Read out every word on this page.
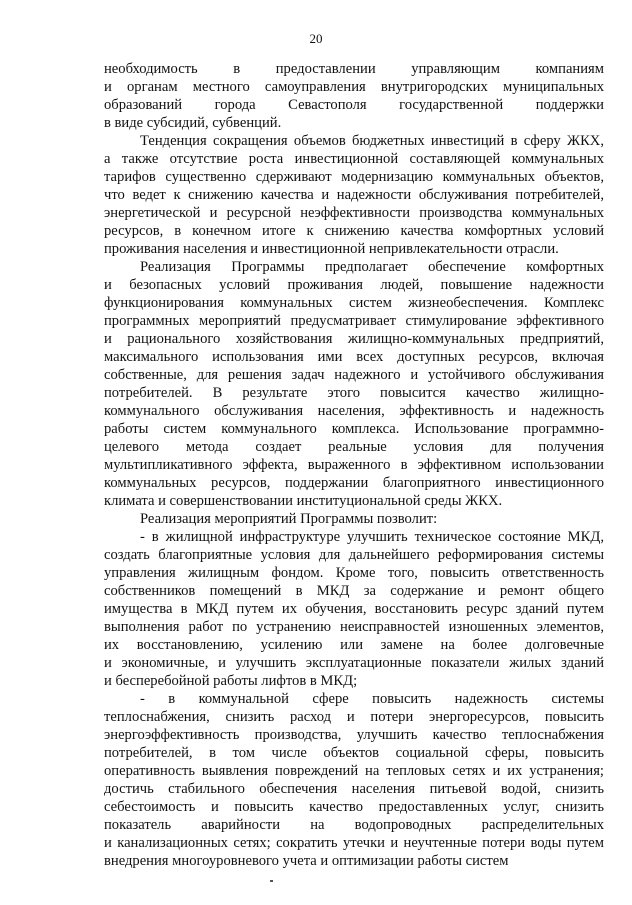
20
необходимость в предоставлении управляющим компаниям
и органам местного самоуправления внутригородских муниципальных
образований города Севастополя государственной поддержки
в виде субсидий, субвенций.
Тенденция сокращения объемов бюджетных инвестиций в сферу ЖКХ,
а также отсутствие роста инвестиционной составляющей коммунальных
тарифов существенно сдерживают модернизацию коммунальных объектов,
что ведет к снижению качества и надежности обслуживания потребителей,
энергетической и ресурсной неэффективности производства коммунальных
ресурсов, в конечном итоге к снижению качества комфортных условий
проживания населения и инвестиционной непривлекательности отрасли.
Реализация Программы предполагает обеспечение комфортных
и безопасных условий проживания людей, повышение надежности
функционирования коммунальных систем жизнеобеспечения. Комплекс
программных мероприятий предусматривает стимулирование эффективного
и рационального хозяйствования жилищно-коммунальных предприятий,
максимального использования ими всех доступных ресурсов, включая
собственные, для решения задач надежного и устойчивого обслуживания
потребителей. В результате этого повысится качество жилищно-
коммунального обслуживания населения, эффективность и надежность
работы систем коммунального комплекса. Использование программно-
целевого метода создает реальные условия для получения
мультипликативного эффекта, выраженного в эффективном использовании
коммунальных ресурсов, поддержании благоприятного инвестиционного
климата и совершенствовании институциональной среды ЖКХ.
Реализация мероприятий Программы позволит:
- в жилищной инфраструктуре улучшить техническое состояние МКД,
создать благоприятные условия для дальнейшего реформирования системы
управления жилищным фондом. Кроме того, повысить ответственность
собственников помещений в МКД за содержание и ремонт общего
имущества в МКД путем их обучения, восстановить ресурс зданий путем
выполнения работ по устранению неисправностей изношенных элементов,
их восстановлению, усилению или замене на более долговечные
и экономичные, и улучшить эксплуатационные показатели жилых зданий
и бесперебойной работы лифтов в МКД;
- в коммунальной сфере повысить надежность системы
теплоснабжения, снизить расход и потери энергоресурсов, повысить
энергоэффективность производства, улучшить качество теплоснабжения
потребителей, в том числе объектов социальной сферы, повысить
оперативность выявления повреждений на тепловых сетях и их устранения;
достичь стабильного обеспечения населения питьевой водой, снизить
себестоимость и повысить качество предоставленных услуг, снизить
показатель аварийности на водопроводных распределительных
и канализационных сетях; сократить утечки и неучтенные потери воды путем
внедрения многоуровневого учета и оптимизации работы систем
